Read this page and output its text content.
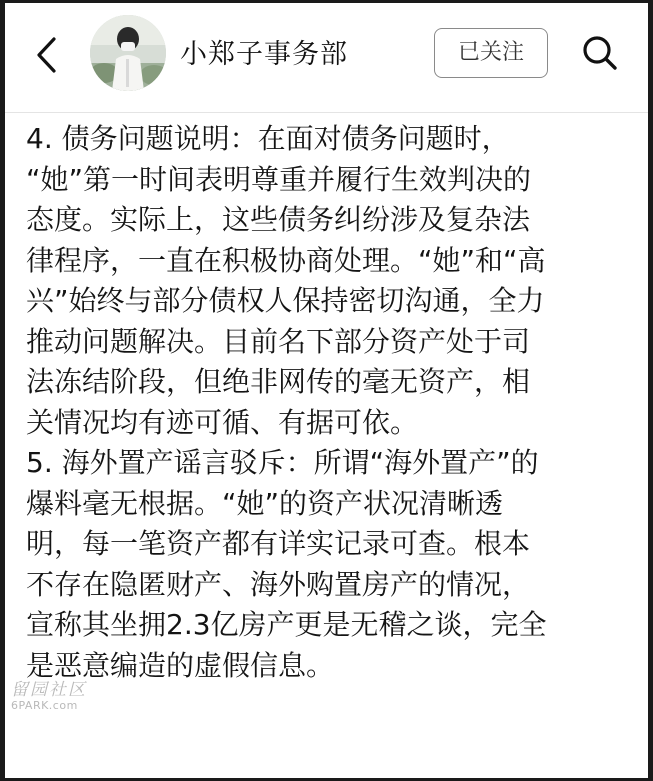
小郑子事务部	已关注
4. 债务问题说明：在面对债务问题时，
“她”第一时间表明尊重并履行生效判决的
态度。实际上，这些债务纠纷涉及复杂法
律程序，一直在积极协商处理。“她”和“高
兴”始终与部分债权人保持密切沟通，全力
推动问题解决。目前名下部分资产处于司
法冻结阶段，但绝非网传的毫无资产，相
关情况均有迹可循、有据可依。
5. 海外置产谣言驳斥：所谓“海外置产”的
爆料毫无根据。“她”的资产状况清晰透
明，每一笔资产都有详实记录可查。根本
不存在隐匿财产、海外购置房产的情况，
宣称其坐拥2.3亿房产更是无稽之谈，完全
是恶意编造的虚假信息。
留园社区
6PARK.com
